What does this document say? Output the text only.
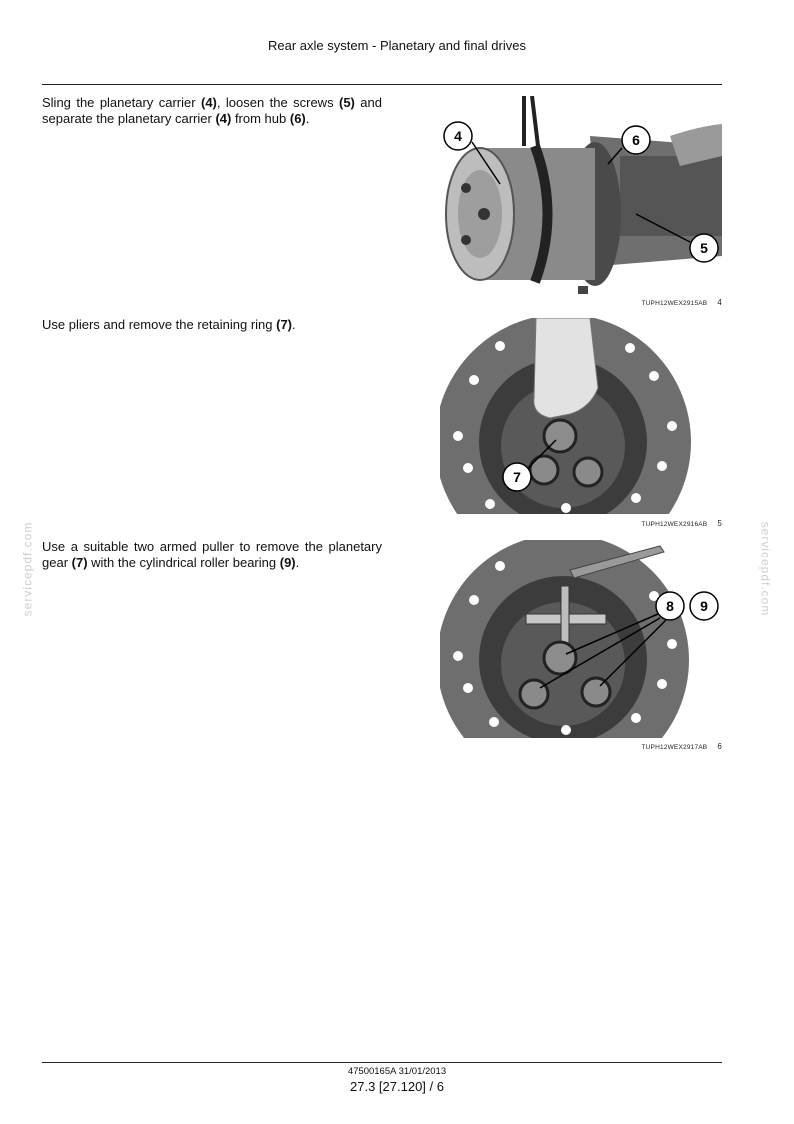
Rear axle system - Planetary and final drives
Sling the planetary carrier (4), loosen the screws (5) and separate the planetary carrier (4) from hub (6).
4	6
5
TUPH12WEX2915AB 4
Use pliers and remove the retaining ring (7).
7
TUPH12WEX2916AB 5
Use a suitable two armed puller to remove the planetary gear (7) with the cylindrical roller bearing (9).
8 9
TUPH12WEX2917AB 6
servicepdf.com	servicepdf.com
47500165A 31/01/2013
27.3 [27.120] / 6
